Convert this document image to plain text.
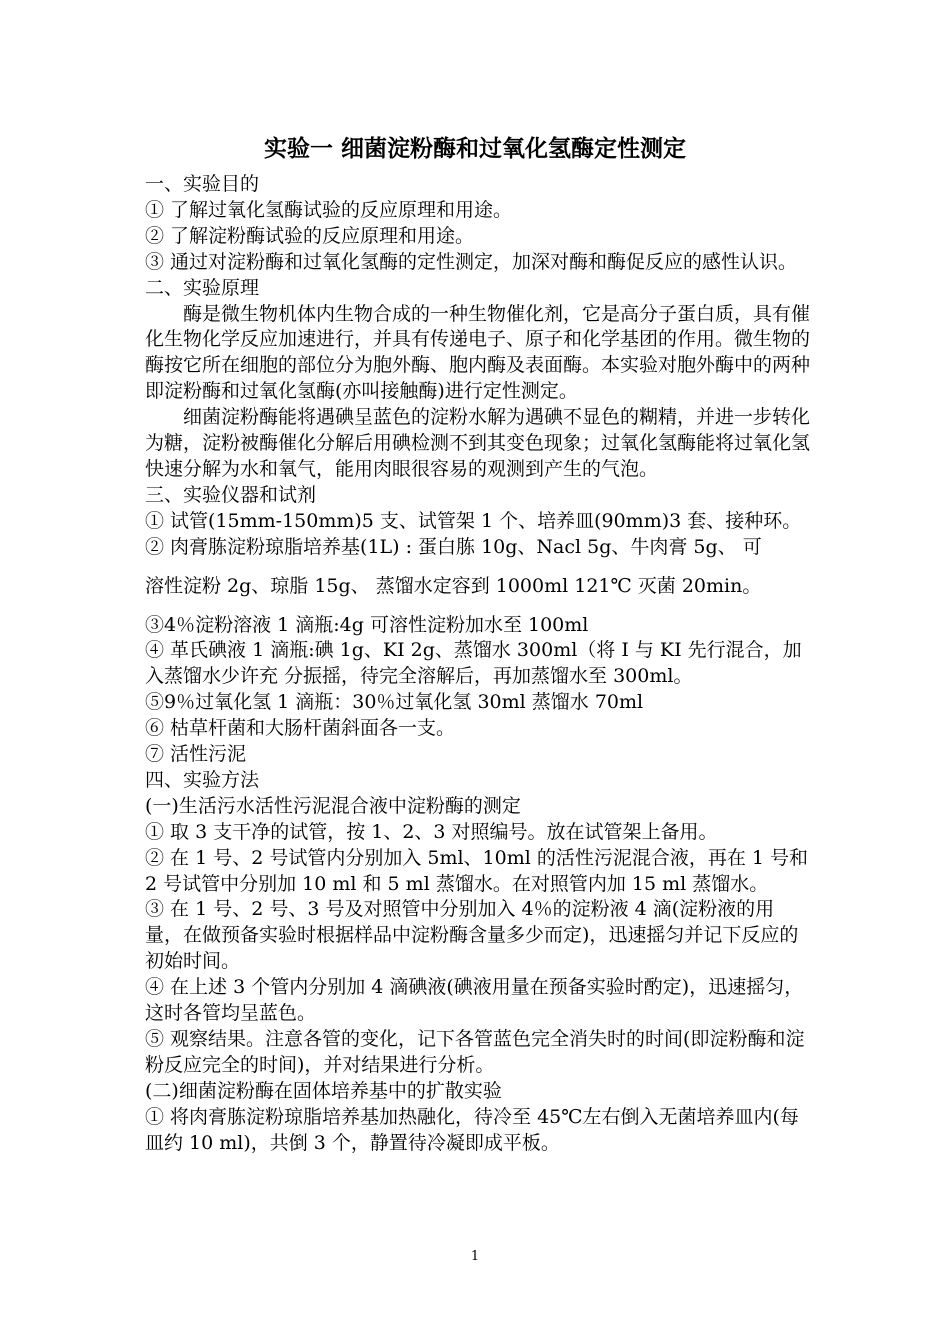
实验一 细菌淀粉酶和过氧化氢酶定性测定

一、实验目的

① 了解过氧化氢酶试验的反应原理和用途。

② 了解淀粉酶试验的反应原理和用途。

③ 通过对淀粉酶和过氧化氢酶的定性测定，加深对酶和酶促反应的感性认识。

二、实验原理

酶是微生物机体内生物合成的一种生物催化剂，它是高分子蛋白质，具有催化生物化学反应加速进行，并具有传递电子、原子和化学基团的作用。微生物的酶按它所在细胞的部位分为胞外酶、胞内酶及表面酶。本实验对胞外酶中的两种即淀粉酶和过氧化氢酶(亦叫接触酶)进行定性测定。

细菌淀粉酶能将遇碘呈蓝色的淀粉水解为遇碘不显色的糊精，并进一步转化为糖，淀粉被酶催化分解后用碘检测不到其变色现象；过氧化氢酶能将过氧化氢快速分解为水和氧气，能用肉眼很容易的观测到产生的气泡。

三、实验仪器和试剂

① 试管(15mm-150mm)5 支、试管架 1 个、培养皿(90mm)3 套、接种环。

② 肉膏胨淀粉琼脂培养基(1L) : 蛋白胨 10g、Nacl 5g、牛肉膏 5g、 可

溶性淀粉 2g、琼脂 15g、 蒸馏水定容到 1000ml 121℃ 灭菌 20min。

③4％淀粉溶液 1 滴瓶:4g 可溶性淀粉加水至 100ml

④ 革氏碘液 1 滴瓶:碘 1g、KI 2g、蒸馏水 300ml（将 I 与 KI 先行混合，加入蒸馏水少许充 分振摇，待完全溶解后，再加蒸馏水至 300ml。

⑤9％过氧化氢 1 滴瓶：30％过氧化氢 30ml 蒸馏水 70ml

⑥ 枯草杆菌和大肠杆菌斜面各一支。

⑦ 活性污泥

四、实验方法

(一)生活污水活性污泥混合液中淀粉酶的测定

① 取 3 支干净的试管，按 1、2、3 对照编号。放在试管架上备用。

② 在 1 号、2 号试管内分别加入 5ml、10ml 的活性污泥混合液，再在 1 号和 2 号试管中分别加 10 ml 和 5 ml 蒸馏水。在对照管内加 15 ml 蒸馏水。

③ 在 1 号、2 号、3 号及对照管中分别加入 4％的淀粉液 4 滴(淀粉液的用量，在做预备实验时根据样品中淀粉酶含量多少而定)，迅速摇匀并记下反应的初始时间。

④ 在上述 3 个管内分别加 4 滴碘液(碘液用量在预备实验时酌定)，迅速摇匀，这时各管均呈蓝色。

⑤ 观察结果。注意各管的变化，记下各管蓝色完全消失时的时间(即淀粉酶和淀粉反应完全的时间)，并对结果进行分析。

(二)细菌淀粉酶在固体培养基中的扩散实验

① 将肉膏胨淀粉琼脂培养基加热融化，待冷至 45℃左右倒入无菌培养皿内(每皿约 10 ml)，共倒 3 个，静置待冷凝即成平板。

1
